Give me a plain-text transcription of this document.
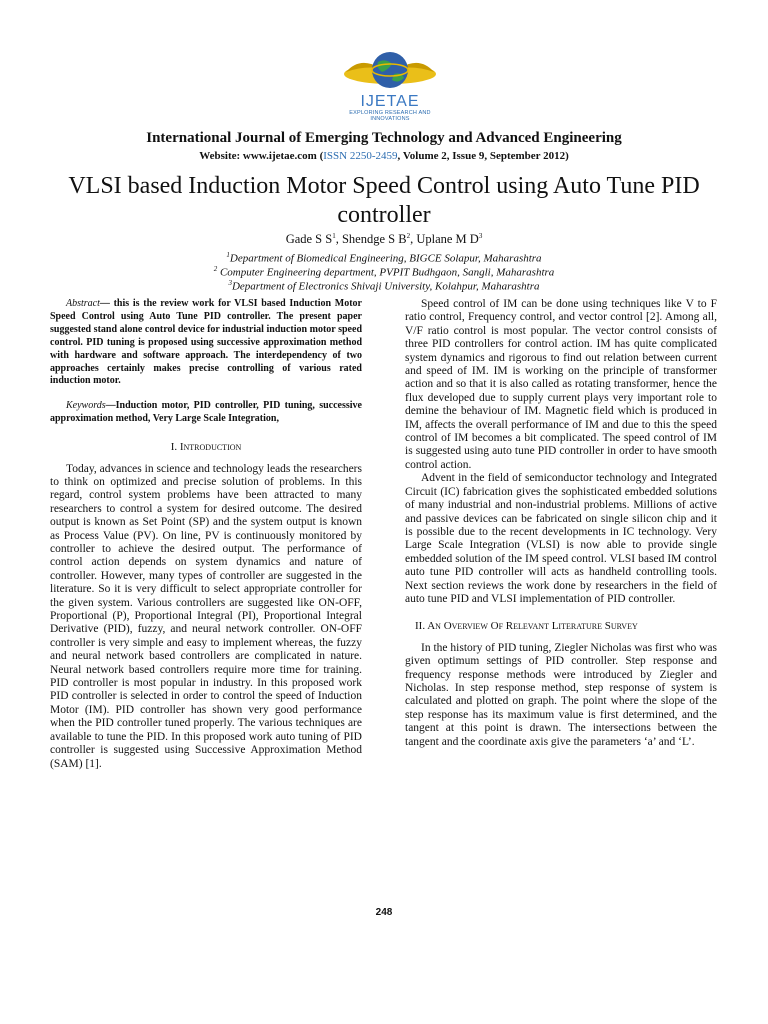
IJETAE
EXPLORING RESEARCH AND INNOVATIONS
International Journal of Emerging Technology and Advanced Engineering
Website: www.ijetae.com (ISSN 2250-2459, Volume 2, Issue 9, September 2012)
VLSI based Induction Motor Speed Control using Auto Tune PID controller
Gade S $S^1$, Shendge S $B^2$, Uplane M $D^3$
$^1$Department of Biomedical Engineering, BIGCE Solapur, Maharashtra
$^2$ Computer Engineering department, PVPIT Budhgaon, Sangli, Maharashtra
$^3$Department of Electronics Shivaji University, Kolahpur, Maharashtra

Abstract— this is the review work for VLSI based Induction Motor Speed Control using Auto Tune PID controller. The present paper suggested stand alone control device for industrial induction motor speed control. PID tuning is proposed using successive approximation method with hardware and software approach. The interdependency of two approaches certainly makes precise controlling of various rated induction motor.

Keywords—Induction motor, PID controller, PID tuning, successive approximation method, Very Large Scale Integration,

I. Introduction

Today, advances in science and technology leads the researchers to think on optimized and precise solution of problems. In this regard, control system problems have been attracted to many researchers to control a system for desired outcome. The desired output is known as Set Point (SP) and the system output is known as Process Value (PV). On line, PV is continuously monitored by controller to achieve the desired output. The performance of control action depends on system dynamics and nature of controller. However, many types of controller are suggested in the literature. So it is very difficult to select appropriate controller for the given system. Various controllers are suggested like ON-OFF, Proportional (P), Proportional Integral (PI), Proportional Integral Derivative (PID), fuzzy, and neural network controller. ON-OFF controller is very simple and easy to implement whereas, the fuzzy and neural network based controllers are complicated in nature. Neural network based controllers require more time for training. PID controller is most popular in industry. In this proposed work PID controller is selected in order to control the speed of Induction Motor (IM). PID controller has shown very good performance when the PID controller tuned properly. The various techniques are available to tune the PID. In this proposed work auto tuning of PID controller is suggested using Successive Approximation Method (SAM) [1].

Speed control of IM can be done using techniques like V to F ratio control, Frequency control, and vector control [2]. Among all, V/F ratio control is most popular. The vector control consists of three PID controllers for control action. IM has quite complicated system dynamics and rigorous to find out relation between current and speed of IM. IM is working on the principle of transformer action and so that it is also called as rotating transformer, hence the flux developed due to supply current plays very important role to demine the behaviour of IM. Magnetic field which is produced in IM, affects the overall performance of IM and due to this the speed control of IM becomes a bit complicated. The speed control of IM is suggested using auto tune PID controller in order to have smooth control action.

Advent in the field of semiconductor technology and Integrated Circuit (IC) fabrication gives the sophisticated embedded solutions of many industrial and non-industrial problems. Millions of active and passive devices can be fabricated on single silicon chip and it is possible due to the recent developments in IC technology. Very Large Scale Integration (VLSI) is now able to provide single embedded solution of the IM speed control. VLSI based IM control auto tune PID controller will acts as handheld controlling tools. Next section reviews the work done by researchers in the field of auto tune PID and VLSI implementation of PID controller.

II. An Overview Of Relevant Literature Survey

In the history of PID tuning, Ziegler Nicholas was first who was given optimum settings of PID controller. Step response and frequency response methods were introduced by Ziegler and Nicholas. In step response method, step response of system is calculated and plotted on graph. The point where the slope of the step response has its maximum value is first determined, and the tangent at this point is drawn. The intersections between the tangent and the coordinate axis give the parameters ‘a’ and ‘L’.

248
